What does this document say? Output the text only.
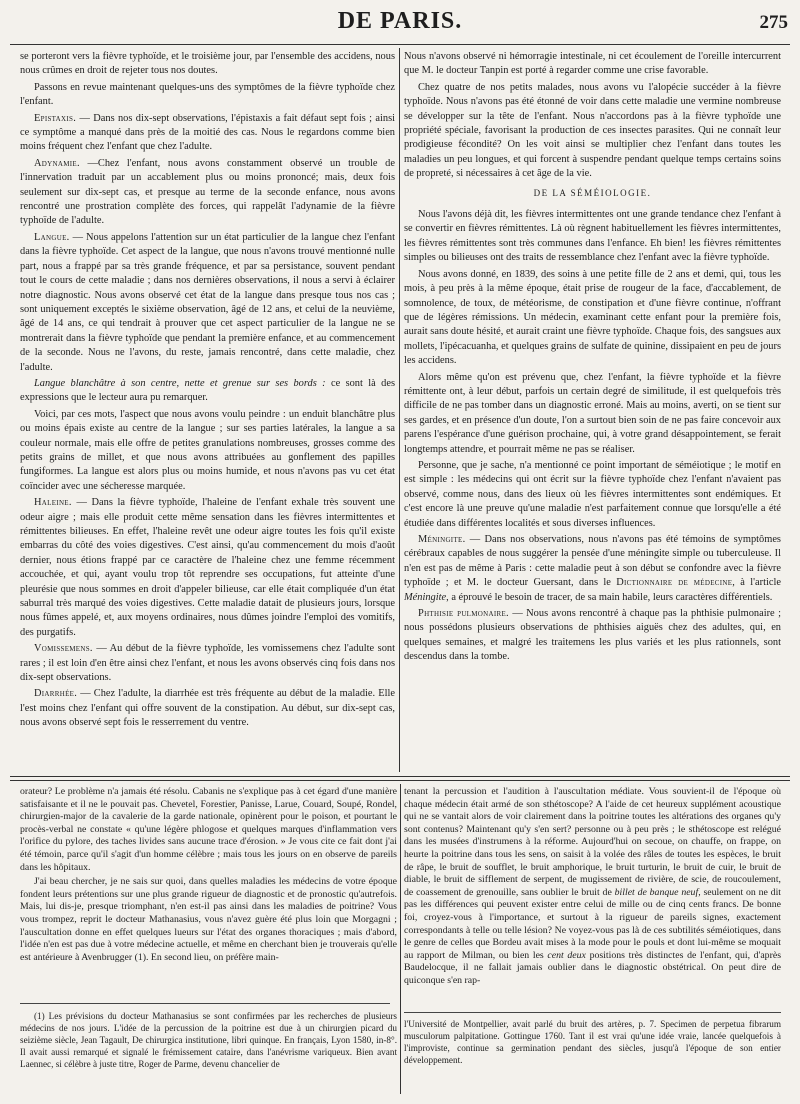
DE PARIS.	275

se porteront vers la fièvre typhoïde, et le troisième jour, par l'ensemble des accidens, nous nous crûmes en droit de rejeter tous nos doutes.

Passons en revue maintenant quelques-uns des symptômes de la fièvre typhoïde chez l'enfant.

Epistaxis. — Dans nos dix-sept observations, l'épistaxis a fait défaut sept fois ; ainsi ce symptôme a manqué dans près de la moitié des cas. Nous le regardons comme bien moins fréquent chez l'enfant que chez l'adulte.

Adynamie. —Chez l'enfant, nous avons constamment observé un trouble de l'innervation traduit par un accablement plus ou moins prononcé; mais, deux fois seulement sur dix-sept cas, et presque au terme de la seconde enfance, nous avons rencontré une prostration complète des forces, qui rappelât l'adynamie de la fièvre typhoïde de l'adulte.

Langue. — Nous appelons l'attention sur un état particulier de la langue chez l'enfant dans la fièvre typhoïde. Cet aspect de la langue, que nous n'avons trouvé mentionné nulle part, nous a frappé par sa très grande fréquence, et par sa persistance, souvent pendant tout le cours de cette maladie ; dans nos dernières observations, il nous a servi à éclairer notre diagnostic. Nous avons observé cet état de la langue dans presque tous nos cas ; sont uniquement exceptés le sixième observation, âgé de 12 ans, et celui de la neuvième, âgé de 14 ans, ce qui tendrait à prouver que cet aspect particulier de la langue ne se montrerait dans la fièvre typhoïde que pendant la première enfance, et au commencement de la seconde. Nous ne l'avons, du reste, jamais rencontré, dans cette maladie, chez l'adulte.

Langue blanchâtre à son centre, nette et grenue sur ses bords : ce sont là des expressions que le lecteur aura pu remarquer.

Voici, par ces mots, l'aspect que nous avons voulu peindre : un enduit blanchâtre plus ou moins épais existe au centre de la langue ; sur ses parties latérales, la langue a sa couleur normale, mais elle offre de petites granulations nombreuses, grosses comme des petits grains de millet, et que nous avons attribuées au gonflement des papilles fungiformes. La langue est alors plus ou moins humide, et nous n'avons pas vu cet état coïncider avec une sécheresse marquée.

Haleine. — Dans la fièvre typhoïde, l'haleine de l'enfant exhale très souvent une odeur aigre ; mais elle produit cette même sensation dans les fièvres intermittentes et rémittentes bilieuses. En effet, l'haleine revêt une odeur aigre toutes les fois qu'il existe embarras du côté des voies digestives. C'est ainsi, qu'au commencement du mois d'août dernier, nous étions frappé par ce caractère de l'haleine chez une femme récemment accouchée, et qui, ayant voulu trop tôt reprendre ses occupations, fut atteinte d'une pleurésie que nous sommes en droit d'appeler bilieuse, car elle était compliquée d'un état saburral très marqué des voies digestives. Cette maladie datait de plusieurs jours, lorsque nous fûmes appelé, et, aux moyens ordinaires, nous dûmes joindre l'emploi des vomitifs, des purgatifs.

Vomissemens. — Au début de la fièvre typhoïde, les vomissemens chez l'adulte sont rares ; il est loin d'en être ainsi chez l'enfant, et nous les avons observés cinq fois dans nos dix-sept observations.

Diarrhée. — Chez l'adulte, la diarrhée est très fréquente au début de la maladie. Elle l'est moins chez l'enfant qui offre souvent de la constipation. Au début, sur dix-sept cas, nous avons observé sept fois le resserrement du ventre.

Nous n'avons observé ni hémorragie intestinale, ni cet écoulement de l'oreille intercurrent que M. le docteur Tanpin est porté à regarder comme une crise favorable.

Chez quatre de nos petits malades, nous avons vu l'alopécie succéder à la fièvre typhoïde. Nous n'avons pas été étonné de voir dans cette maladie une vermine nombreuse se développer sur la tête de l'enfant. Nous n'accordons pas à la fièvre typhoïde une propriété spéciale, favorisant la production de ces insectes parasites. Qui ne connaît leur prodigieuse fécondité? On les voit ainsi se multiplier chez l'enfant dans toutes les maladies un peu longues, et qui forcent à suspendre pendant quelque temps certains soins de propreté, si nécessaires à cet âge de la vie.

DE LA SÉMÉIOLOGIE.

Nous l'avons déjà dit, les fièvres intermittentes ont une grande tendance chez l'enfant à se convertir en fièvres rémittentes. Là où règnent habituellement les fièvres intermittentes, les fièvres rémittentes sont très communes dans l'enfance. Eh bien! les fièvres rémittentes simples ou bilieuses ont des traits de ressemblance chez l'enfant avec la fièvre typhoïde.

Nous avons donné, en 1839, des soins à une petite fille de 2 ans et demi, qui, tous les mois, à peu près à la même époque, était prise de rougeur de la face, d'accablement, de somnolence, de toux, de météorisme, de constipation et d'une fièvre continue, n'offrant que de légères rémissions. Un médecin, examinant cette enfant pour la première fois, aurait sans doute hésité, et aurait craint une fièvre typhoïde. Chaque fois, des sangsues aux mollets, l'ipécacuanha, et quelques grains de sulfate de quinine, dissipaient en peu de jours les accidens.

Alors même qu'on est prévenu que, chez l'enfant, la fièvre typhoïde et la fièvre rémittente ont, à leur début, parfois un certain degré de similitude, il est quelquefois très difficile de ne pas tomber dans un diagnostic erroné. Mais au moins, averti, on se tient sur ses gardes, et en présence d'un doute, l'on a surtout bien soin de ne pas faire concevoir aux parens l'espérance d'une guérison prochaine, qui, à votre grand désappointement, se ferait longtemps attendre, et pourrait même ne pas se réaliser.

Personne, que je sache, n'a mentionné ce point important de séméiotique ; le motif en est simple : les médecins qui ont écrit sur la fièvre typhoïde chez l'enfant n'avaient pas observé, comme nous, dans des lieux où les fièvres intermittentes sont endémiques. Et c'est encore là une preuve qu'une maladie n'est parfaitement connue que lorsqu'elle a été étudiée dans différentes localités et sous diverses influences.

Méningite. — Dans nos observations, nous n'avons pas été témoins de symptômes cérébraux capables de nous suggérer la pensée d'une méningite simple ou tuberculeuse. Il n'en est pas de même à Paris : cette maladie peut à son début se confondre avec la fièvre typhoïde ; et M. le docteur Guersant, dans le Dictionnaire de médecine, à l'article Méningite, a éprouvé le besoin de tracer, de sa main habile, leurs caractères différentiels.

Phthisie pulmonaire. — Nous avons rencontré à chaque pas la phthisie pulmonaire ; nous possédons plusieurs observations de phthisies aiguës chez des adultes, qui, en quelques semaines, et malgré les traitemens les plus variés et les plus rationnels, sont descendus dans la tombe.

orateur? Le problème n'a jamais été résolu. Cabanis ne s'explique pas à cet égard d'une manière satisfaisante et il ne le pouvait pas. Chevetel, Forestier, Panisse, Larue, Couard, Soupé, Rondel, chirurgien-major de la cavalerie de la garde nationale, opinèrent pour le poison, et pourtant le procès-verbal ne constate « qu'une légère phlogose et quelques marques d'inflammation vers l'orifice du pylore, des taches livides sans aucune trace d'érosion. » Je vous cite ce fait dont j'ai été témoin, parce qu'il s'agit d'un homme célèbre ; mais tous les jours on en observe de pareils dans les hôpitaux.

J'ai beau chercher, je ne sais sur quoi, dans quelles maladies les médecins de votre époque fondent leurs prétentions sur une plus grande rigueur de diagnostic et de pronostic qu'autrefois. Mais, lui dis-je, presque triomphant, n'en est-il pas ainsi dans les maladies de poitrine? Vous vous trompez, reprit le docteur Mathanasius, vous n'avez guère été plus loin que Morgagni ; l'auscultation donne en effet quelques lueurs sur l'état des organes thoraciques ; mais d'abord, l'idée n'en est pas due à votre médecine actuelle, et même en cherchant bien je trouverais qu'elle est antérieure à Avenbrugger (1). En second lieu, on préfère main-

tenant la percussion et l'audition à l'auscultation médiate. Vous souvient-il de l'époque où chaque médecin était armé de son sthétoscope? A l'aide de cet heureux supplément acoustique qui ne se vantait alors de voir clairement dans la poitrine toutes les altérations des organes qu'y sont contenus? Maintenant qu'y s'en sert? personne ou à peu près ; le sthétoscope est relégué dans les musées d'instrumens à la réforme. Aujourd'hui on secoue, on chauffe, on frappe, on heurte la poitrine dans tous les sens, on saisit à la volée des râles de toutes les espèces, le bruit de râpe, le bruit de soufflet, le bruit amphorique, le bruit turturin, le bruit de cuir, le bruit de diable, le bruit de sifflement de serpent, de mugissement de rivière, de scie, de roucoulement, de coassement de grenouille, sans oublier le bruit de billet de banque neuf, seulement on ne dit pas les différences qui peuvent exister entre celui de mille ou de cinq cents francs. De bonne foi, croyez-vous à l'importance, et surtout à la rigueur de pareils signes, exactement correspondants à telle ou telle lésion? Ne voyez-vous pas là de ces subtilités séméiotiques, dans le genre de celles que Bordeu avait mises à la mode pour le pouls et dont lui-même se moquait au rapport de Milman, ou bien les cent deux positions très distinctes de l'enfant, qui, d'après Baudelocque, il ne fallait jamais oublier dans le diagnostic obstétrical. On peut dire de quiconque s'en rap-

(1) Les prévisions du docteur Mathanasius se sont confirmées par les recherches de plusieurs médecins de nos jours. L'idée de la percussion de la poitrine est due à un chirurgien picard du seizième siècle, Jean Tagault, De chirurgica institutione, libri quinque. En français, Lyon 1580, in-8°. Il avait aussi remarqué et signalé le frémissement cataire, dans l'anévrisme variqueux. Bien avant Laennec, si célèbre à juste titre, Roger de Parme, devenu chancelier de

l'Université de Montpellier, avait parlé du bruit des artères, p. 7. Specimen de perpetua fibrarum musculorum palpitatione. Gottingue 1760. Tant il est vrai qu'une idée vraie, lancée quelquefois à l'improviste, continue sa germination pendant des siècles, jusqu'à l'époque de son entier développement.
